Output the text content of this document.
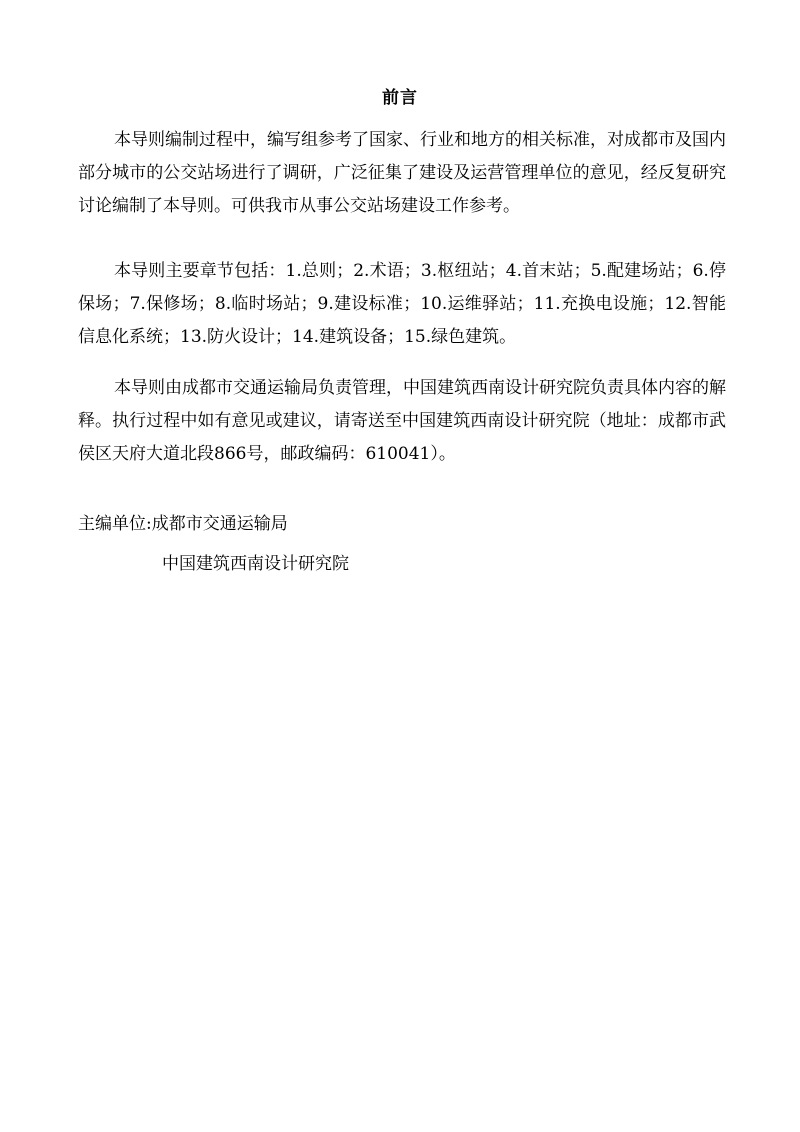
前言
本导则编制过程中，编写组参考了国家、行业和地方的相关标准，对成都市及国内部分城市的公交站场进行了调研，广泛征集了建设及运营管理单位的意见，经反复研究讨论编制了本导则。可供我市从事公交站场建设工作参考。
本导则主要章节包括：1.总则；2.术语；3.枢纽站；4.首末站；5.配建场站；6.停保场；7.保修场；8.临时场站；9.建设标准；10.运维驿站；11.充换电设施；12.智能信息化系统；13.防火设计；14.建筑设备；15.绿色建筑。
本导则由成都市交通运输局负责管理，中国建筑西南设计研究院负责具体内容的解释。执行过程中如有意见或建议，请寄送至中国建筑西南设计研究院（地址：成都市武侯区天府大道北段866号，邮政编码：610041）。
主编单位:成都市交通运输局
中国建筑西南设计研究院
